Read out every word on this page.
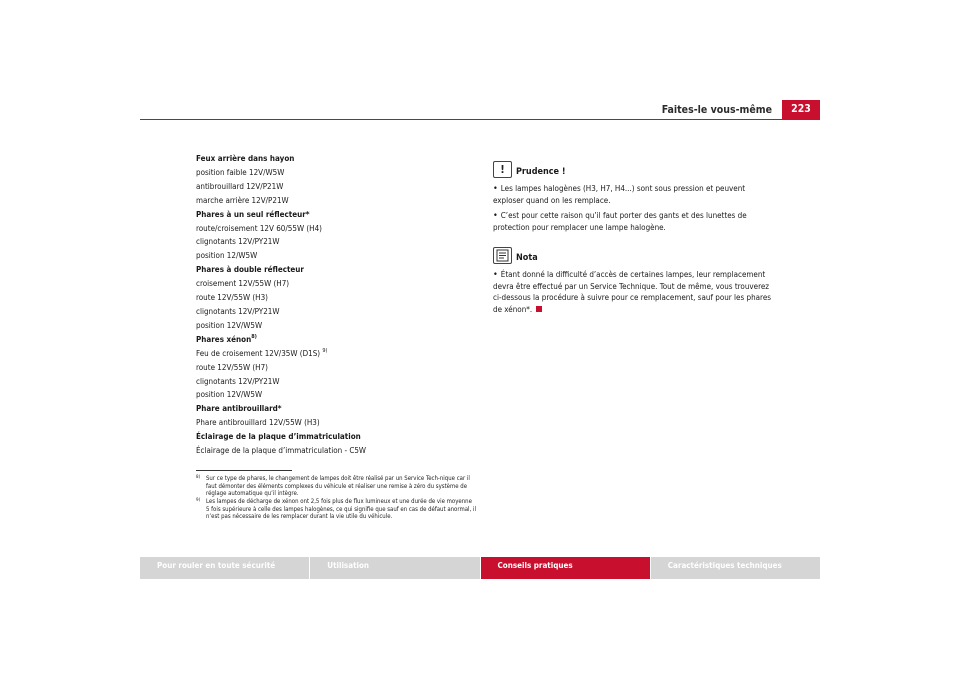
Faites-le vous-même	223
Feux arrière dans hayon
position faible 12V/W5W
antibrouillard 12V/P21W
marche arrière 12V/P21W
Phares à un seul réflecteur*
route/croisement 12V 60/55W (H4)
clignotants 12V/PY21W
position 12/W5W
Phares à double réflecteur
croisement 12V/55W (H7)
route 12V/55W (H3)
clignotants 12V/PY21W
position 12V/W5W
Phares xénon$^{8)}$
Feu de croisement 12V/35W (D1S) $^{9)}$
route 12V/55W (H7)
clignotants 12V/PY21W
position 12V/W5W
Phare antibrouillard*
Phare antibrouillard 12V/55W (H3)
Éclairage de la plaque d’immatriculation
Éclairage de la plaque d’immatriculation - C5W
8) Sur ce type de phares, le changement de lampes doit être réalisé par un Service Tech-nique car il faut démonter des éléments complexes du véhicule et réaliser une remise à zéro du système de réglage automatique qu’il intègre.
9) Les lampes de décharge de xénon ont 2,5 fois plus de flux lumineux et une durée de vie moyenne 5 fois supérieure à celle des lampes halogènes, ce qui signifie que sauf en cas de défaut anormal, il n’est pas nécessaire de les remplacer durant la vie utile du véhicule.
!	Prudence !
• Les lampes halogènes (H3, H7, H4...) sont sous pression et peuvent exploser quand on les remplace.
• C’est pour cette raison qu’il faut porter des gants et des lunettes de protection pour remplacer une lampe halogène.
Nota
• Étant donné la difficulté d’accès de certaines lampes, leur remplacement devra être effectué par un Service Technique. Tout de même, vous trouverez ci-dessous la procédure à suivre pour ce remplacement, sauf pour les phares de xénon*.
Pour rouler en toute sécurité	Utilisation	Conseils pratiques	Caractéristiques techniques
